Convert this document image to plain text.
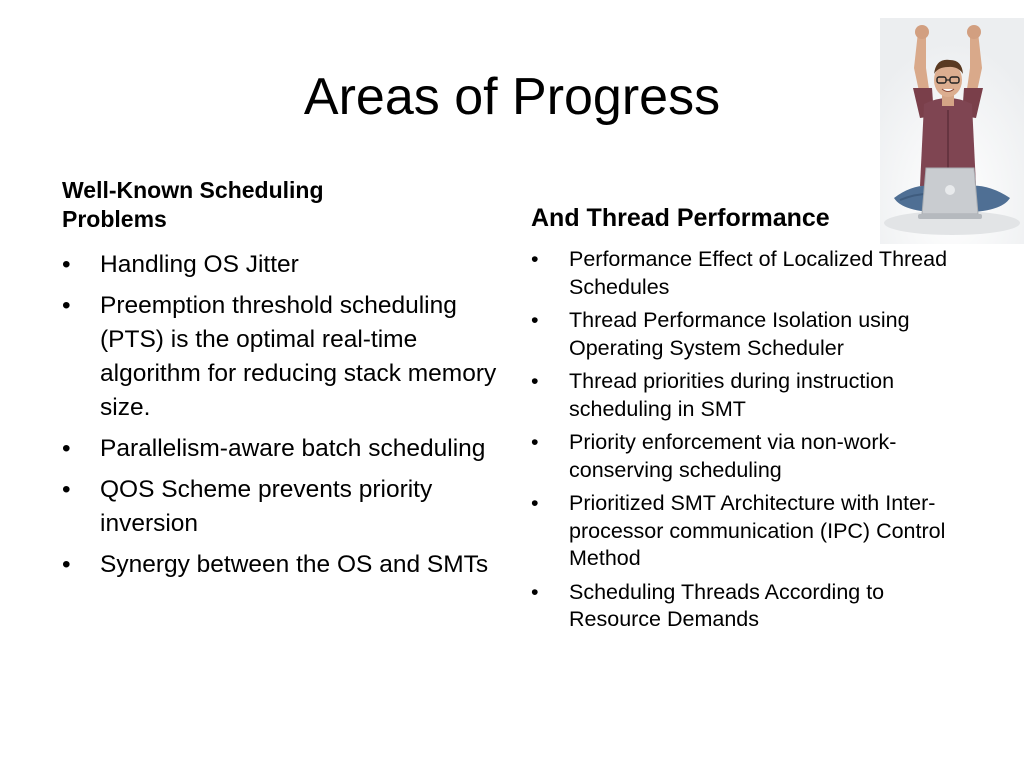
Areas of Progress
Well-Known Scheduling Problems
• Handling OS Jitter
• Preemption threshold scheduling (PTS) is the optimal real-time algorithm for reducing stack memory size.
• Parallelism-aware batch scheduling
• QOS Scheme prevents priority inversion
• Synergy between the OS and SMTs
And Thread Performance
• Performance Effect of Localized Thread Schedules
• Thread Performance Isolation using Operating System Scheduler
• Thread priorities during instruction scheduling in SMT
• Priority enforcement via non-work-conserving scheduling
• Prioritized SMT Architecture with Inter-processor communication (IPC) Control Method
• Scheduling Threads According to Resource Demands
